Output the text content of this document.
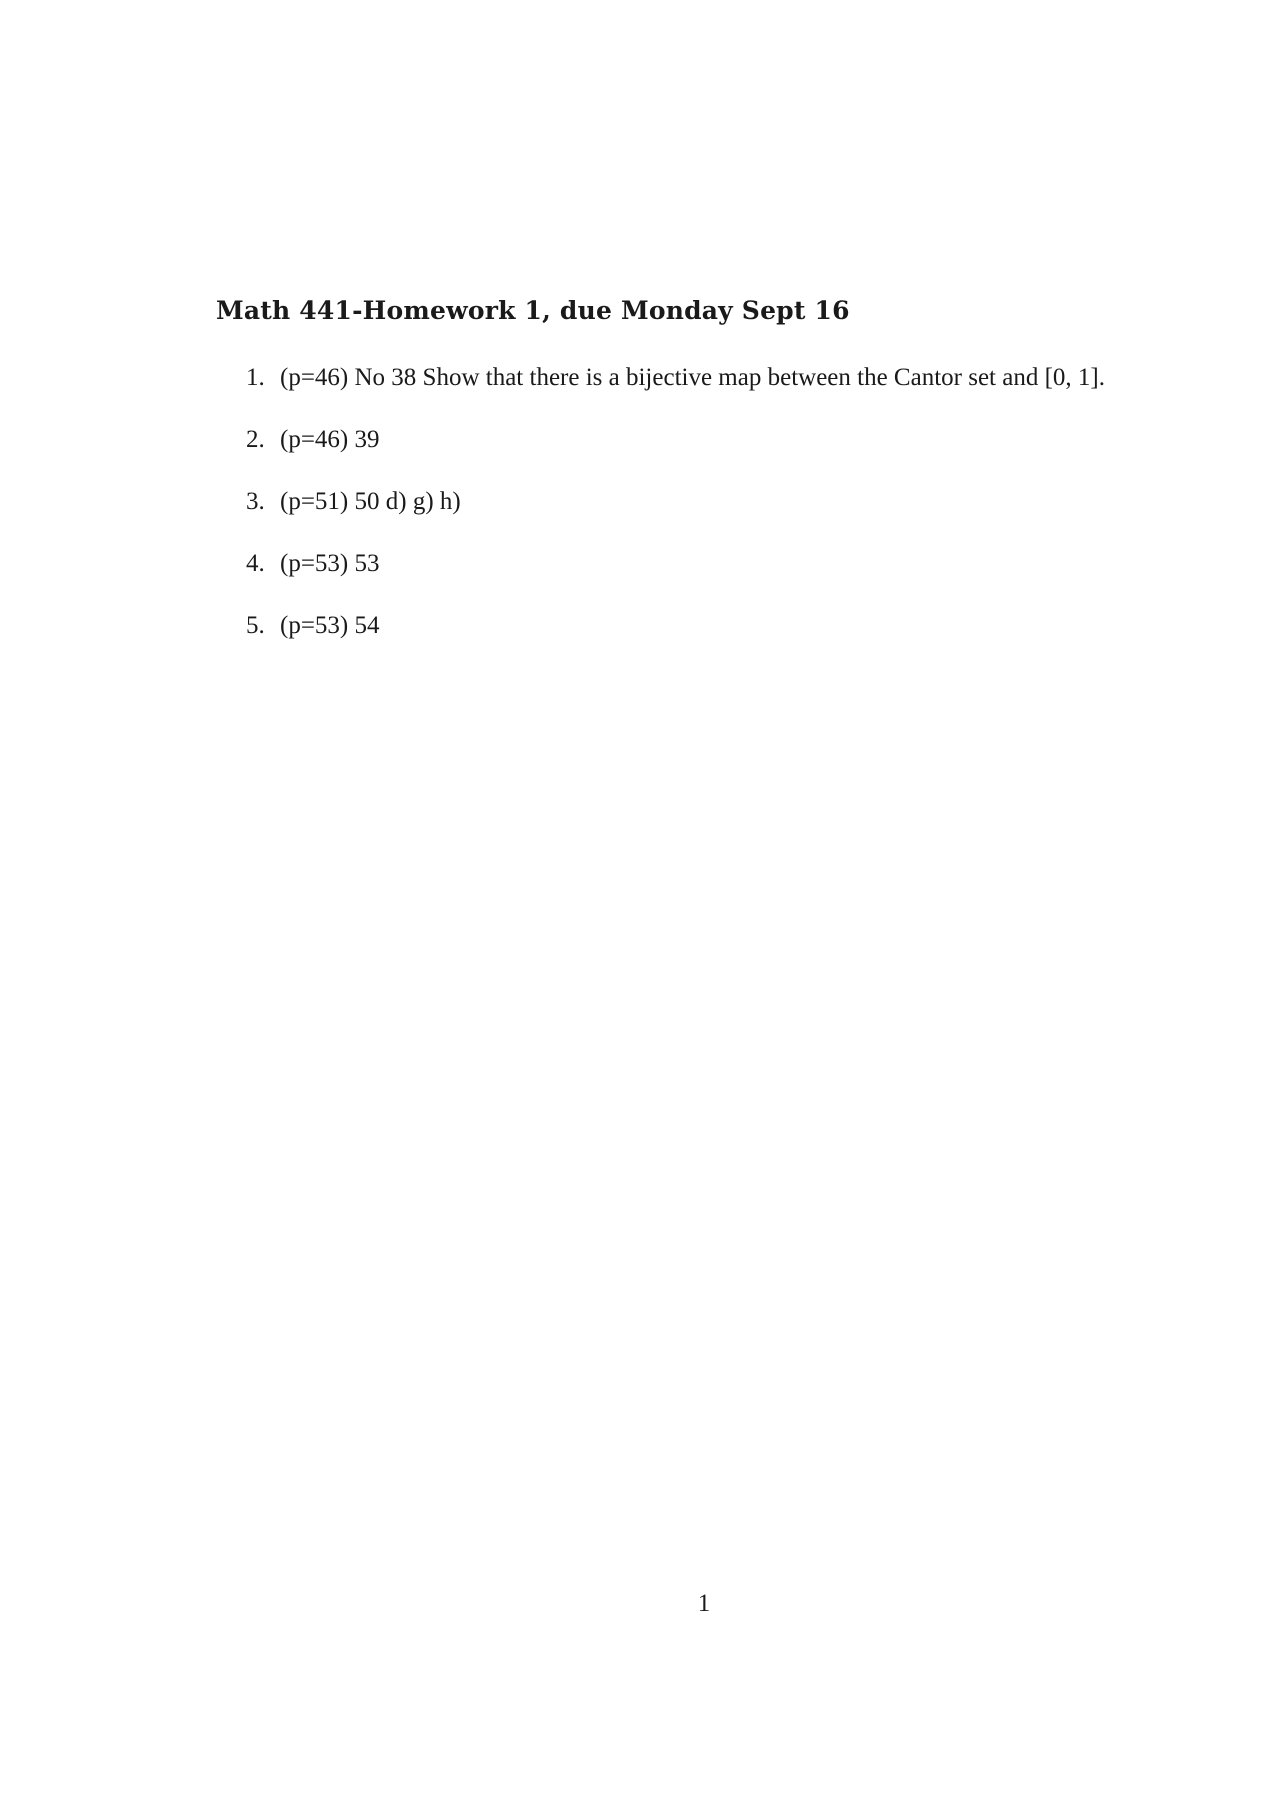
Math 441-Homework 1, due Monday Sept 16
1. (p=46) No 38 Show that there is a bijective map between the Cantor set and [0, 1].
2. (p=46) 39
3. (p=51) 50 d) g) h)
4. (p=53) 53
5. (p=53) 54
1
